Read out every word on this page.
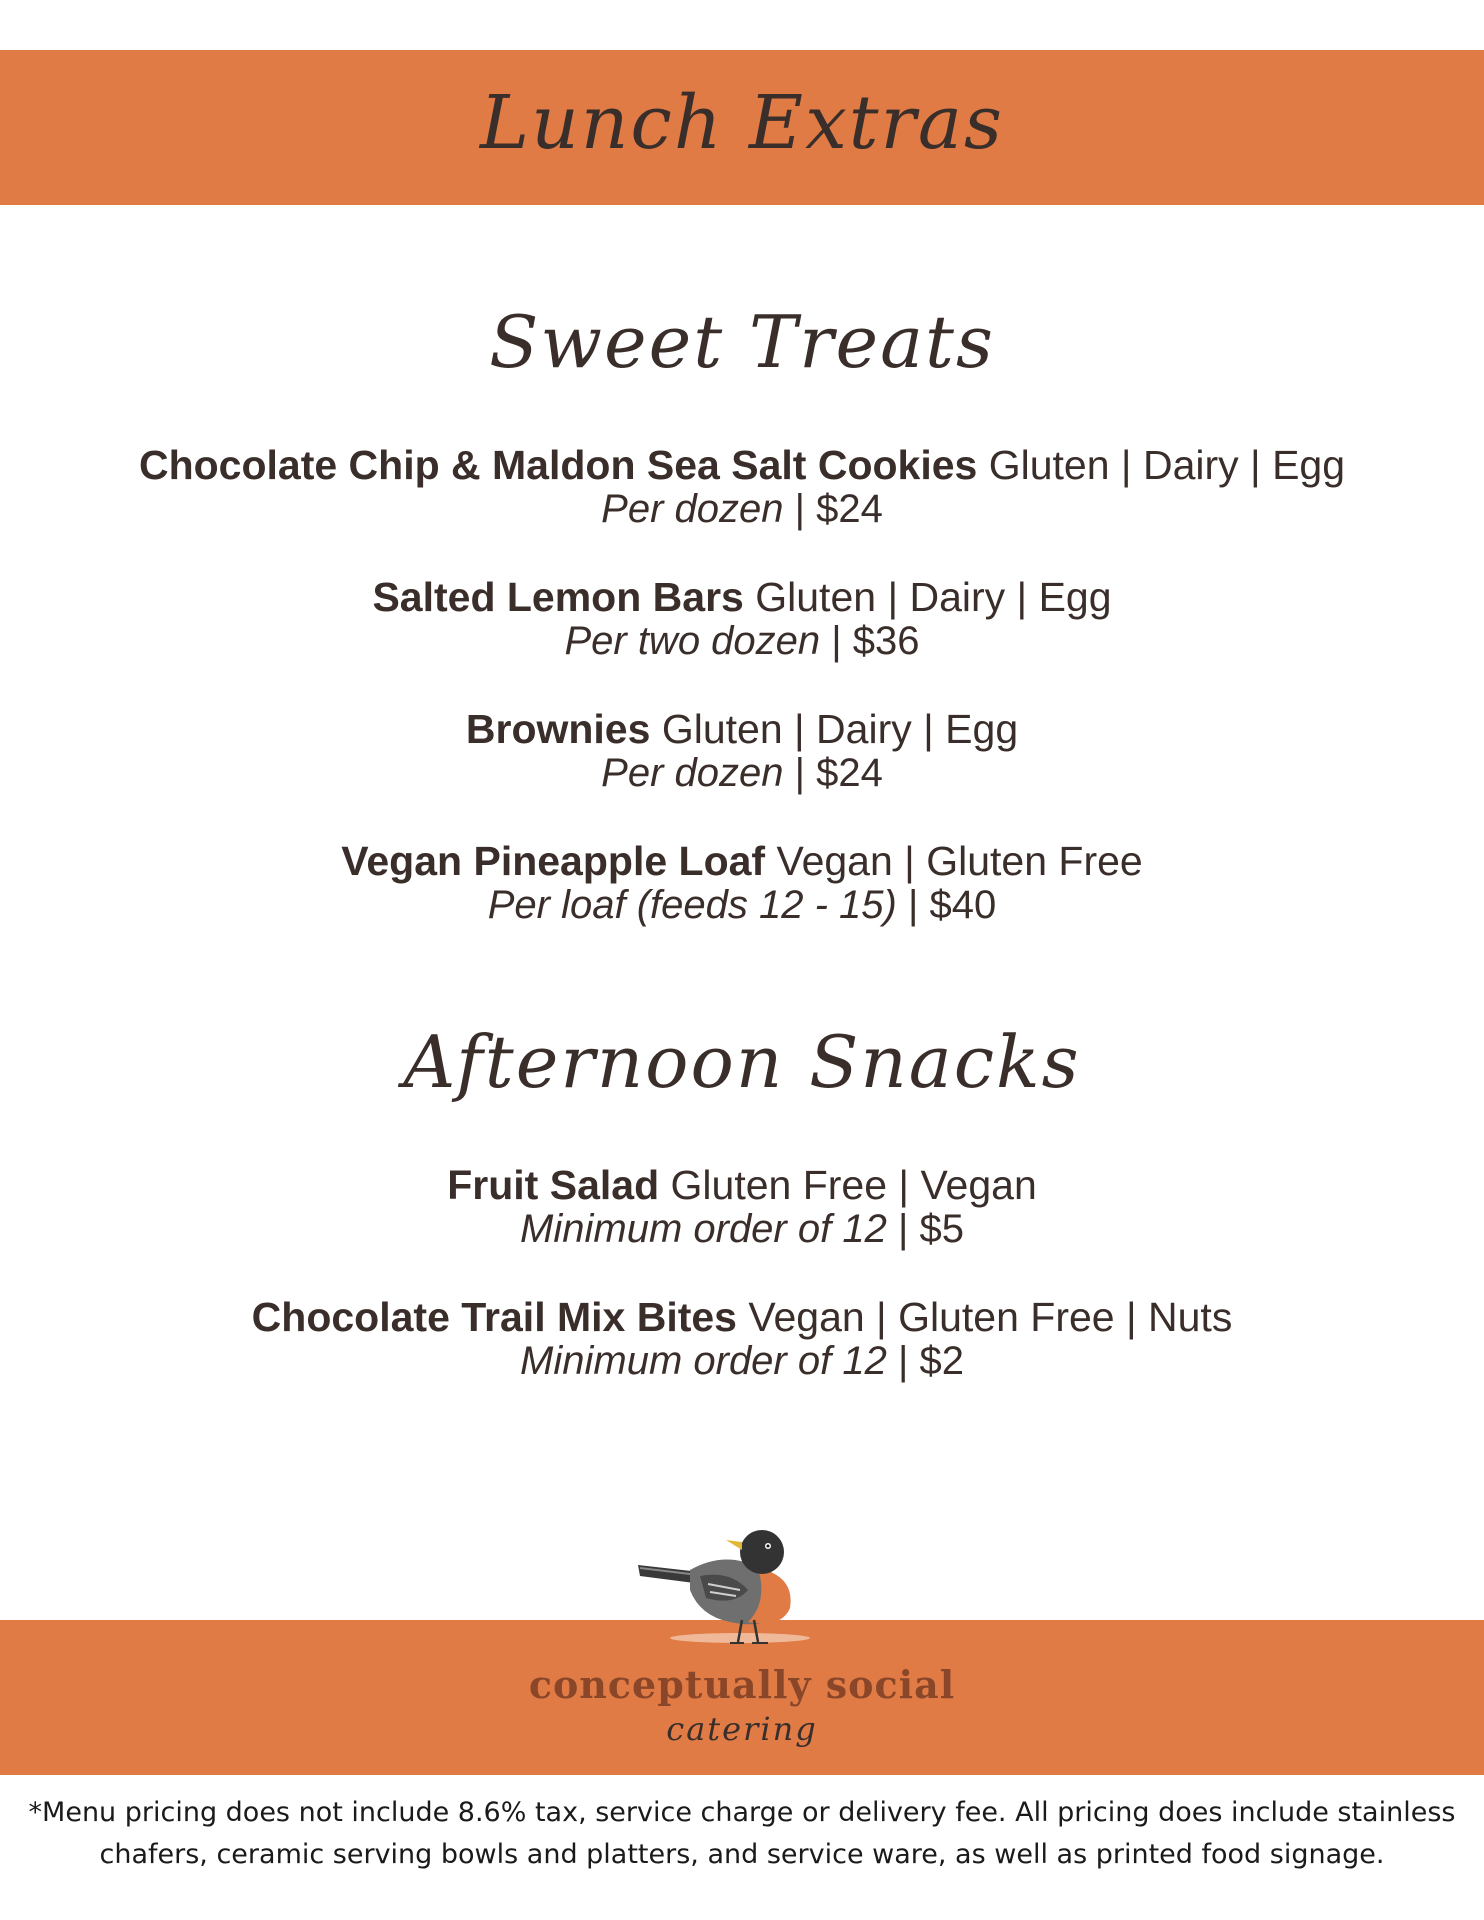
Lunch Extras
Sweet Treats
Chocolate Chip & Maldon Sea Salt Cookies Gluten | Dairy | Egg
Per dozen | $24
Salted Lemon Bars Gluten | Dairy | Egg
Per two dozen | $36
Brownies Gluten | Dairy | Egg
Per dozen | $24
Vegan Pineapple Loaf Vegan | Gluten Free
Per loaf (feeds 12 - 15) | $40
Afternoon Snacks
Fruit Salad Gluten Free | Vegan
Minimum order of 12 | $5
Chocolate Trail Mix Bites Vegan | Gluten Free | Nuts
Minimum order of 12 | $2
conceptually social
catering
*Menu pricing does not include 8.6% tax, service charge or delivery fee. All pricing does include stainless
chafers, ceramic serving bowls and platters, and service ware, as well as printed food signage.
